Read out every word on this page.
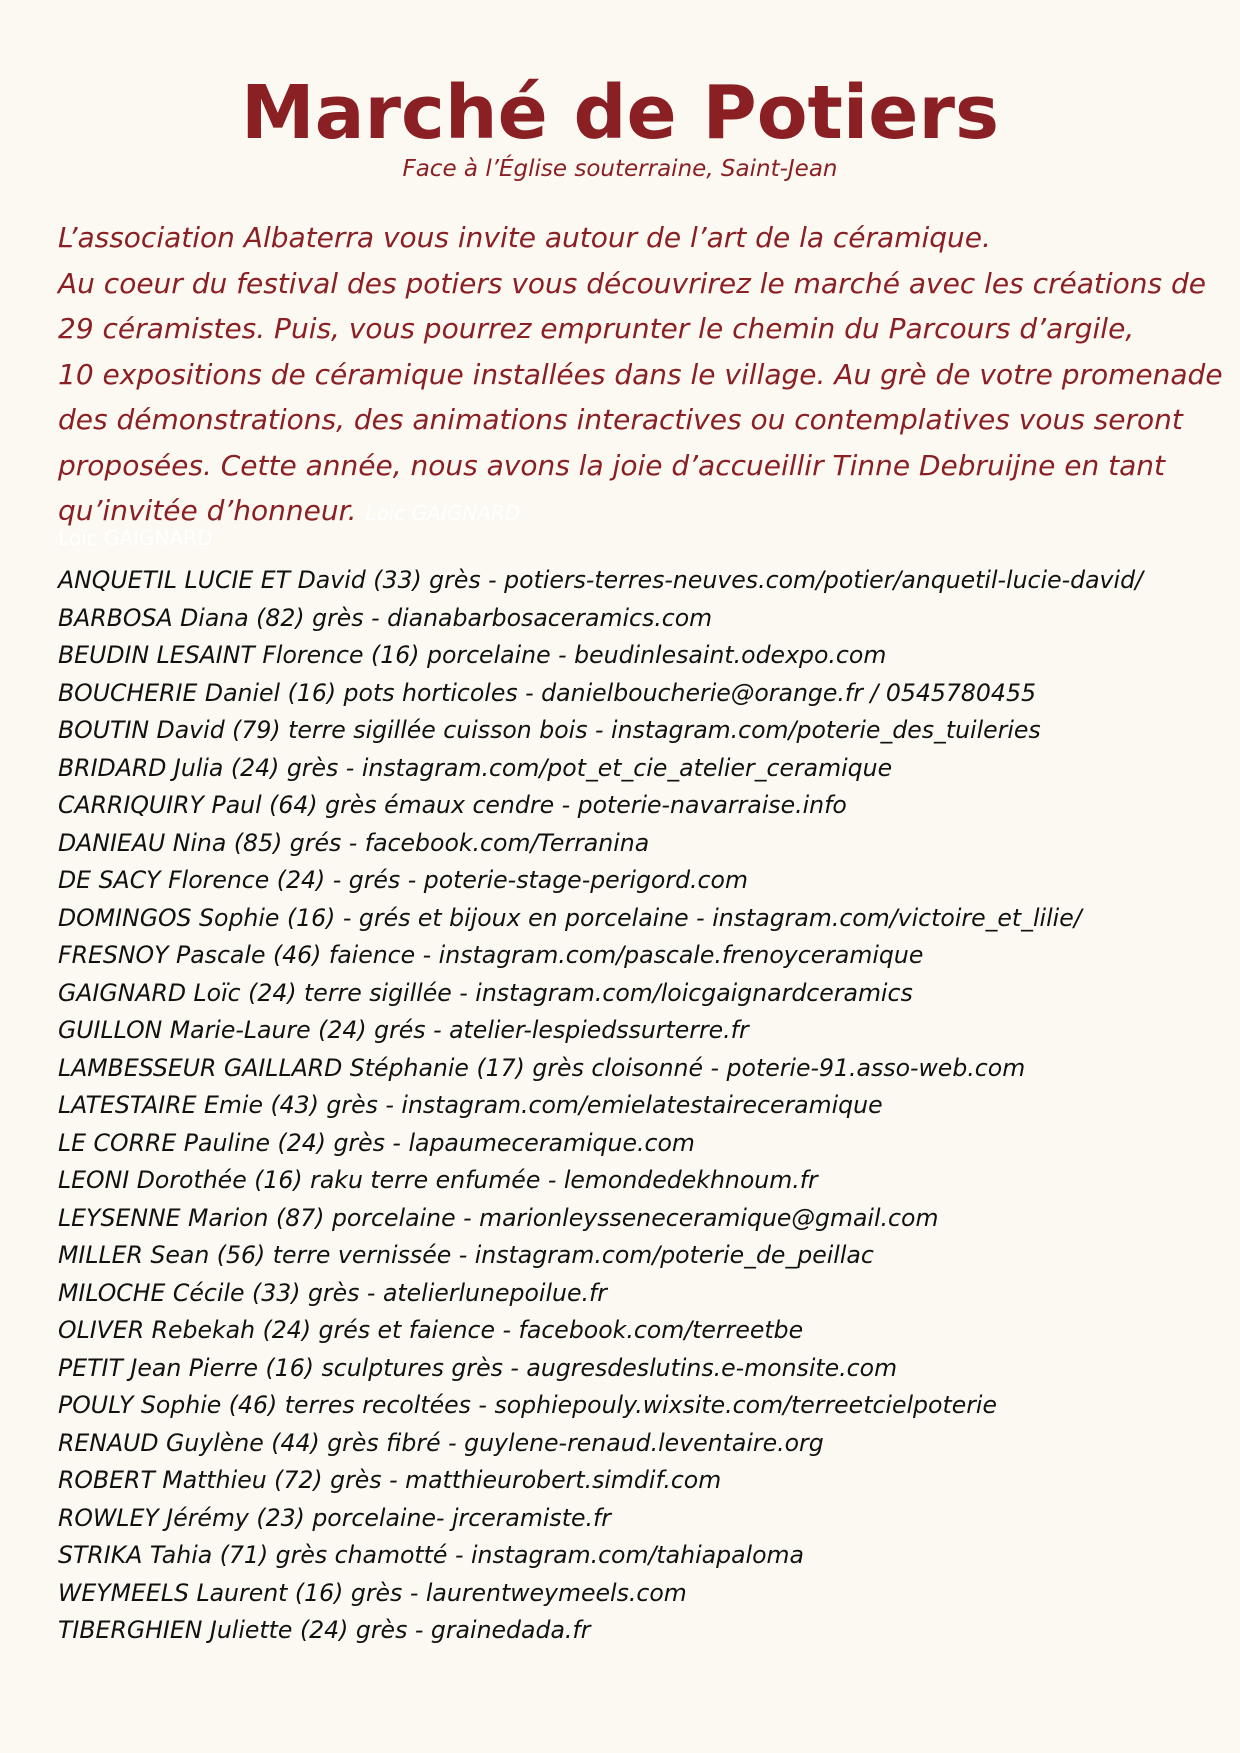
Marché de Potiers
Face à l’Église souterraine, Saint-Jean
L’association Albaterra vous invite autour de l’art de la céramique.
Au coeur du festival des potiers vous découvrirez le marché avec les créations de
29 céramistes. Puis, vous pourrez emprunter le chemin du Parcours d’argile,
10 expositions de céramique installées dans le village. Au grè de votre promenade
des démonstrations, des animations interactives ou contemplatives vous seront
proposées. Cette année, nous avons la joie d’accueillir Tinne Debruijne en tant
qu’invitée d’honneur. Loïc GAIGNARD
Loïc GAIGNARD
ANQUETIL LUCIE ET David (33) grès - potiers-terres-neuves.com/potier/anquetil-lucie-david/
BARBOSA Diana (82) grès - dianabarbosaceramics.com
BEUDIN LESAINT Florence (16) porcelaine - beudinlesaint.odexpo.com
BOUCHERIE Daniel (16) pots horticoles - danielboucherie@orange.fr / 0545780455
BOUTIN David (79) terre sigillée cuisson bois - instagram.com/poterie_des_tuileries
BRIDARD Julia (24) grès - instagram.com/pot_et_cie_atelier_ceramique
CARRIQUIRY Paul (64) grès émaux cendre - poterie-navarraise.info
DANIEAU Nina (85) grés - facebook.com/Terranina
DE SACY Florence (24) - grés - poterie-stage-perigord.com
DOMINGOS Sophie (16) - grés et bijoux en porcelaine - instagram.com/victoire_et_lilie/
FRESNOY Pascale (46) faience - instagram.com/pascale.frenoyceramique
GAIGNARD Loïc (24) terre sigillée - instagram.com/loicgaignardceramics
GUILLON Marie-Laure (24) grés - atelier-lespiedssurterre.fr
LAMBESSEUR GAILLARD Stéphanie (17) grès cloisonné - poterie-91.asso-web.com
LATESTAIRE Emie (43) grès - instagram.com/emielatestaireceramique
LE CORRE Pauline (24) grès - lapaumeceramique.com
LEONI Dorothée (16) raku terre enfumée - lemondedekhnoum.fr
LEYSENNE Marion (87) porcelaine - marionleysseneceramique@gmail.com
MILLER Sean (56) terre vernissée - instagram.com/poterie_de_peillac
MILOCHE Cécile (33) grès - atelierlunepoilue.fr
OLIVER Rebekah (24) grés et faience - facebook.com/terreetbe
PETIT Jean Pierre (16) sculptures grès - augresdeslutins.e-monsite.com
POULY Sophie (46) terres recoltées - sophiepouly.wixsite.com/terreetcielpoterie
RENAUD Guylène (44) grès fibré - guylene-renaud.leventaire.org
ROBERT Matthieu (72) grès - matthieurobert.simdif.com
ROWLEY Jérémy (23) porcelaine- jrceramiste.fr
STRIKA Tahia (71) grès chamotté - instagram.com/tahiapaloma
WEYMEELS Laurent (16) grès - laurentweymeels.com
TIBERGHIEN Juliette (24) grès - grainedada.fr
